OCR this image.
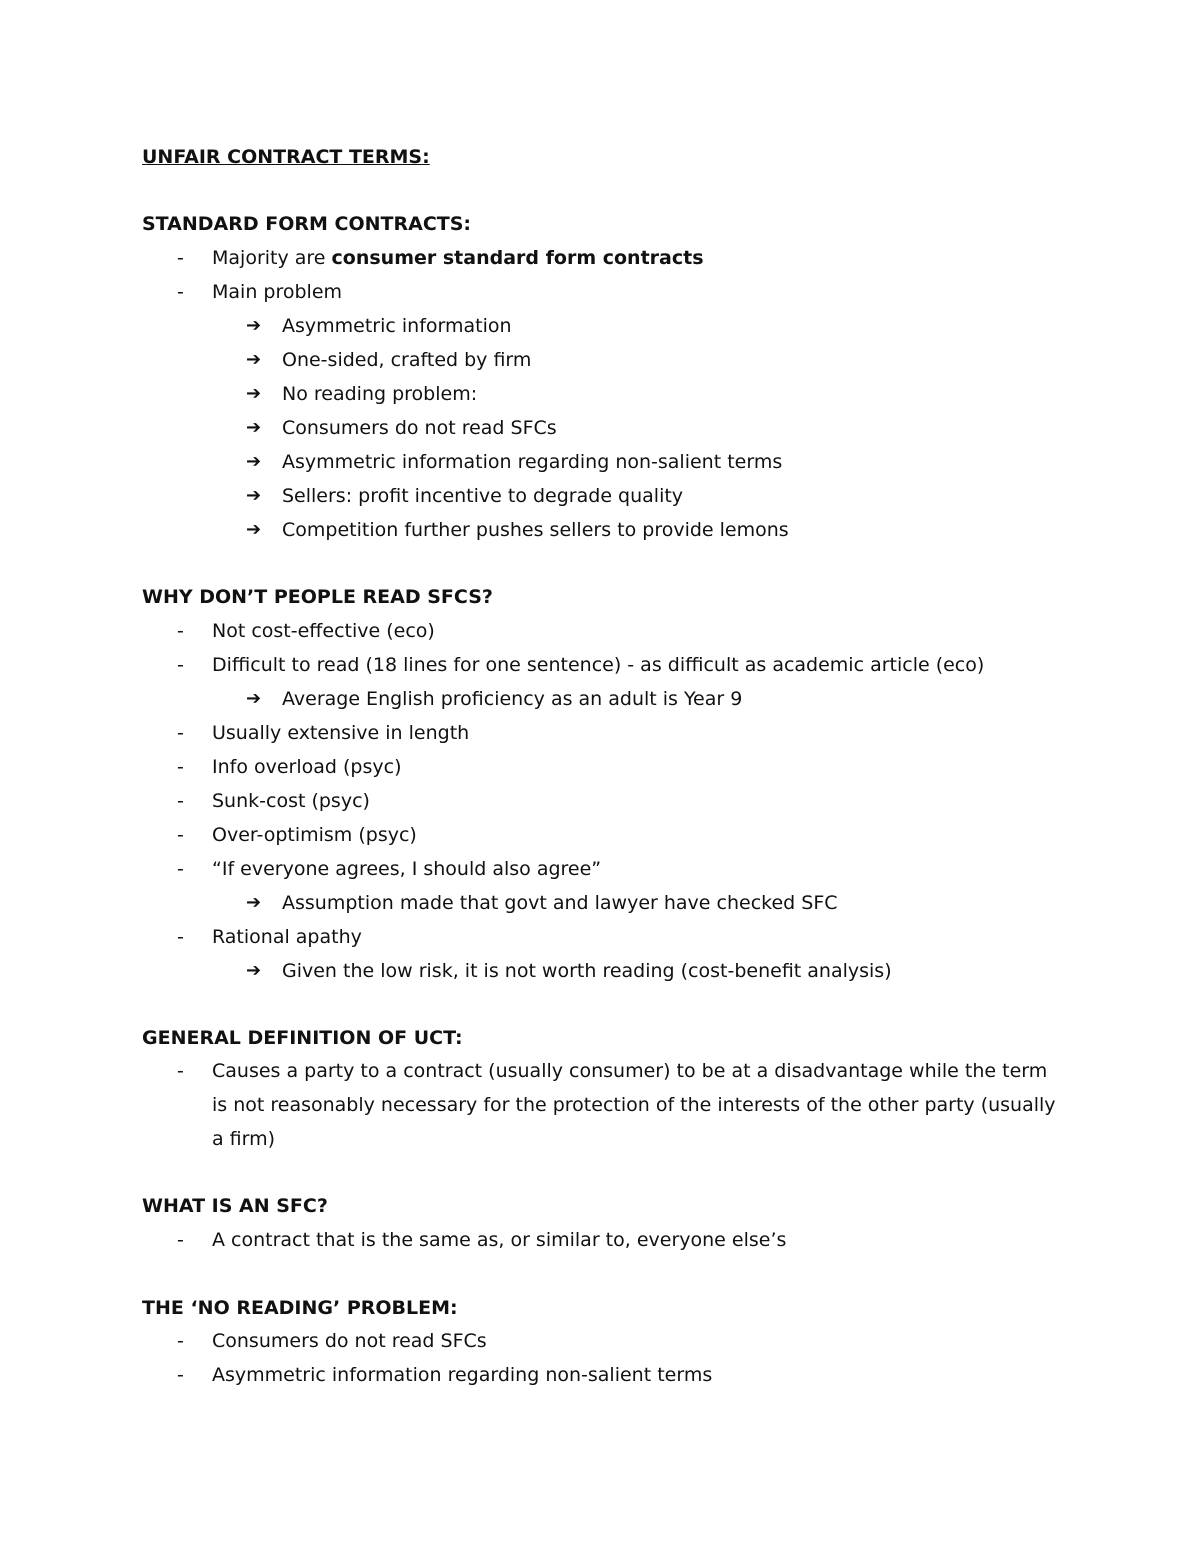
UNFAIR CONTRACT TERMS:
STANDARD FORM CONTRACTS:
- Majority are consumer standard form contracts
- Main problem
➔ Asymmetric information
➔ One-sided, crafted by firm
➔ No reading problem:
➔ Consumers do not read SFCs
➔ Asymmetric information regarding non-salient terms
➔ Sellers: profit incentive to degrade quality
➔ Competition further pushes sellers to provide lemons
WHY DON’T PEOPLE READ SFCS?
- Not cost-effective (eco)
- Difficult to read (18 lines for one sentence) - as difficult as academic article (eco)
➔ Average English proficiency as an adult is Year 9
- Usually extensive in length
- Info overload (psyc)
- Sunk-cost (psyc)
- Over-optimism (psyc)
- “If everyone agrees, I should also agree”
➔ Assumption made that govt and lawyer have checked SFC
- Rational apathy
➔ Given the low risk, it is not worth reading (cost-benefit analysis)
GENERAL DEFINITION OF UCT:
- Causes a party to a contract (usually consumer) to be at a disadvantage while the term
is not reasonably necessary for the protection of the interests of the other party (usually
a firm)
WHAT IS AN SFC?
- A contract that is the same as, or similar to, everyone else’s
THE ‘NO READING’ PROBLEM:
- Consumers do not read SFCs
- Asymmetric information regarding non-salient terms
